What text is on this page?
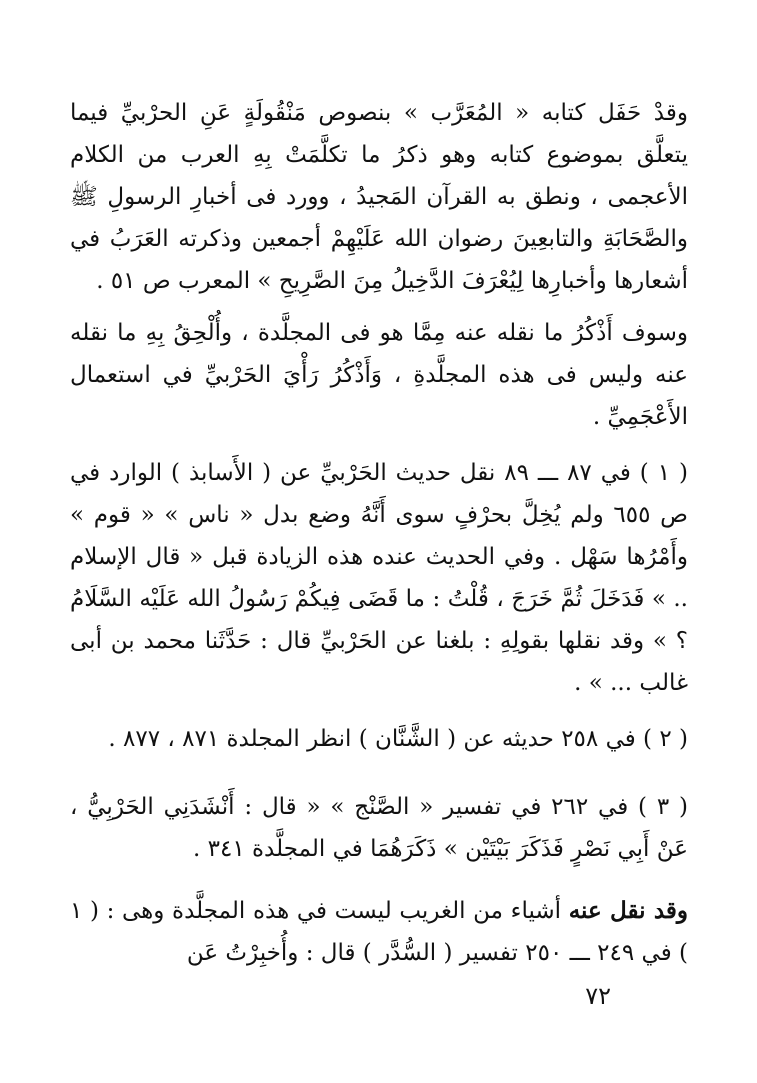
وقدْ حَفَل كتابه « المُعَرَّب » بنصوص مَنْقُولَةٍ عَنِ الحرْبيِّ فيما يتعلَّق بموضوع كتابه وهو ذكرُ ما تكلَّمَتْ بِهِ العرب من الكلام الأعجمى ، ونطق به القرآن المَجيدُ ، وورد فى أخبارِ الرسولِ ﷺ والصَّحَابَةِ والتابعِينَ رضوان الله عَلَيْهِمْ أجمعين وذكرته العَرَبُ في أشعارها وأخبارِها لِيُعْرَفَ الدَّخِيلُ مِنَ الصَّرِيحِ » المعرب ص ٥١ .

وسوف أَذْكُرُ ما نقله عنه مِمَّا هو فى المجلَّدة ، وأُلْحِقُ بِهِ ما نقله عنه وليس فى هذه المجلَّدةِ ، وَأَذْكُرُ رَأْيَ الحَرْبيِّ في استعمال الأَعْجَمِيِّ .

( ١ ) في ٨٧ ـــ ٨٩ نقل حديث الحَرْبيِّ عن ( الأَسابذ ) الوارد في ص ٦٥٥ ولم يُخِلَّ بحرْفٍ سوى أَنَّهُ وضع بدل « ناس » « قوم » وأَمْرُها سَهْل . وفي الحديث عنده هذه الزيادة قبل « قال الإسلام .. » فَدَخَلَ ثُمَّ خَرَجَ ، قُلْتُ : ما قَضَى فِيكُمْ رَسُولُ الله عَلَيْه السَّلَامُ ؟ » وقد نقلها بقولِهِ : بلغنا عن الحَرْبيِّ قال : حَدَّثَنا محمد بن أبى غالب ... » .

( ٢ ) في ٢٥٨ حديثه عن ( الشَّنَّان ) انظر المجلدة ٨٧١ ، ٨٧٧ .

( ٣ ) في ٢٦٢ في تفسير « الصَّنْج » « قال : أَنْشَدَنِي الحَرْبِيُّ ، عَنْ أَبِي نَصْرٍ فَذَكَرَ بَيْتَيْن » ذَكَرَهُمَا في المجلَّدة ٣٤١ .

وقد نقل عنه أشياء من الغريب ليست في هذه المجلَّدة وهى : ( ١ ) في ٢٤٩ ـــ ٢٥٠ تفسير ( السُّدَّر ) قال : وأُخبِرْتُ عَن

٧٢
